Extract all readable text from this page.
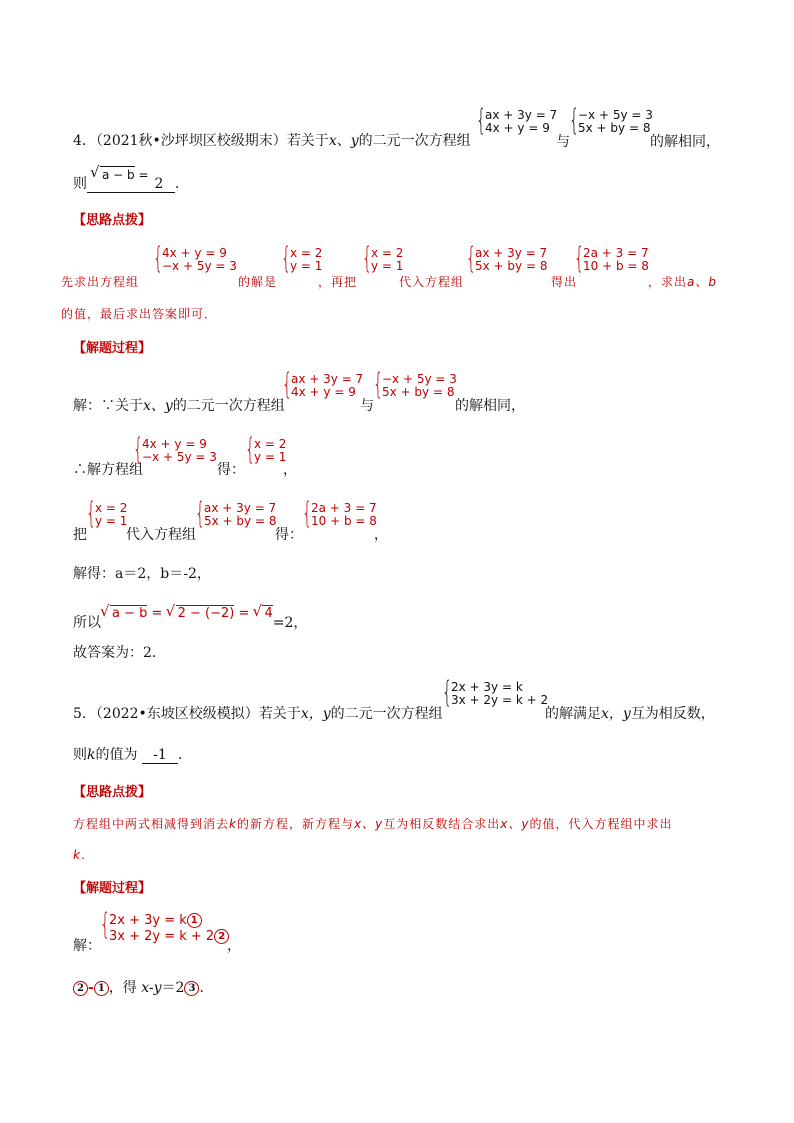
4．（2021秋•沙坪坝区校级期末）若关于x、y的二元一次方程组
{ ax + 3y = 7
4x + y = 9
与
{ −x + 5y = 3
5x + by = 8
的解相同，
则
√ a − b =
2 ．
【思路点拨】
先求出方程组
{ 4x + y = 9
−x + 5y = 3
的解是
{ x = 2
y = 1
，再把
{ x = 2
y = 1
代入方程组
{ ax + 3y = 7
5x + by = 8
得出
{ 2a + 3 = 7
10 + b = 8
，求出a、b
的值，最后求出答案即可．
【解题过程】
解：∵关于x、y的二元一次方程组
{ ax + 3y = 7
4x + y = 9
与
{ −x + 5y = 3
5x + by = 8
的解相同，
∴解方程组
{ 4x + y = 9
−x + 5y = 3
得：
{ x = 2
y = 1
，
把
{ x = 2
y = 1
代入方程组
{ ax + 3y = 7
5x + by = 8
得：
{ 2a + 3 = 7
10 + b = 8
，
解得：a＝2，b＝-2，
所以√ a − b = √ 2 − (−2) = √ 4=2，
故答案为：2．
5．（2022•东坡区校级模拟）若关于x，y的二元一次方程组
{ 2x + 3y = k
3x + 2y = k + 2
的解满足x，y互为相反数，
则k的值为 -1 ．
【思路点拨】
方程组中两式相减得到消去k的新方程，新方程与x、y互为相反数结合求出x、y的值，代入方程组中求出
k．
【解题过程】
解：
{ 2x + 3y = k 1
3x + 2y = k + 2 2
，
2 - 1 ，得 x-y＝2 3 ．
